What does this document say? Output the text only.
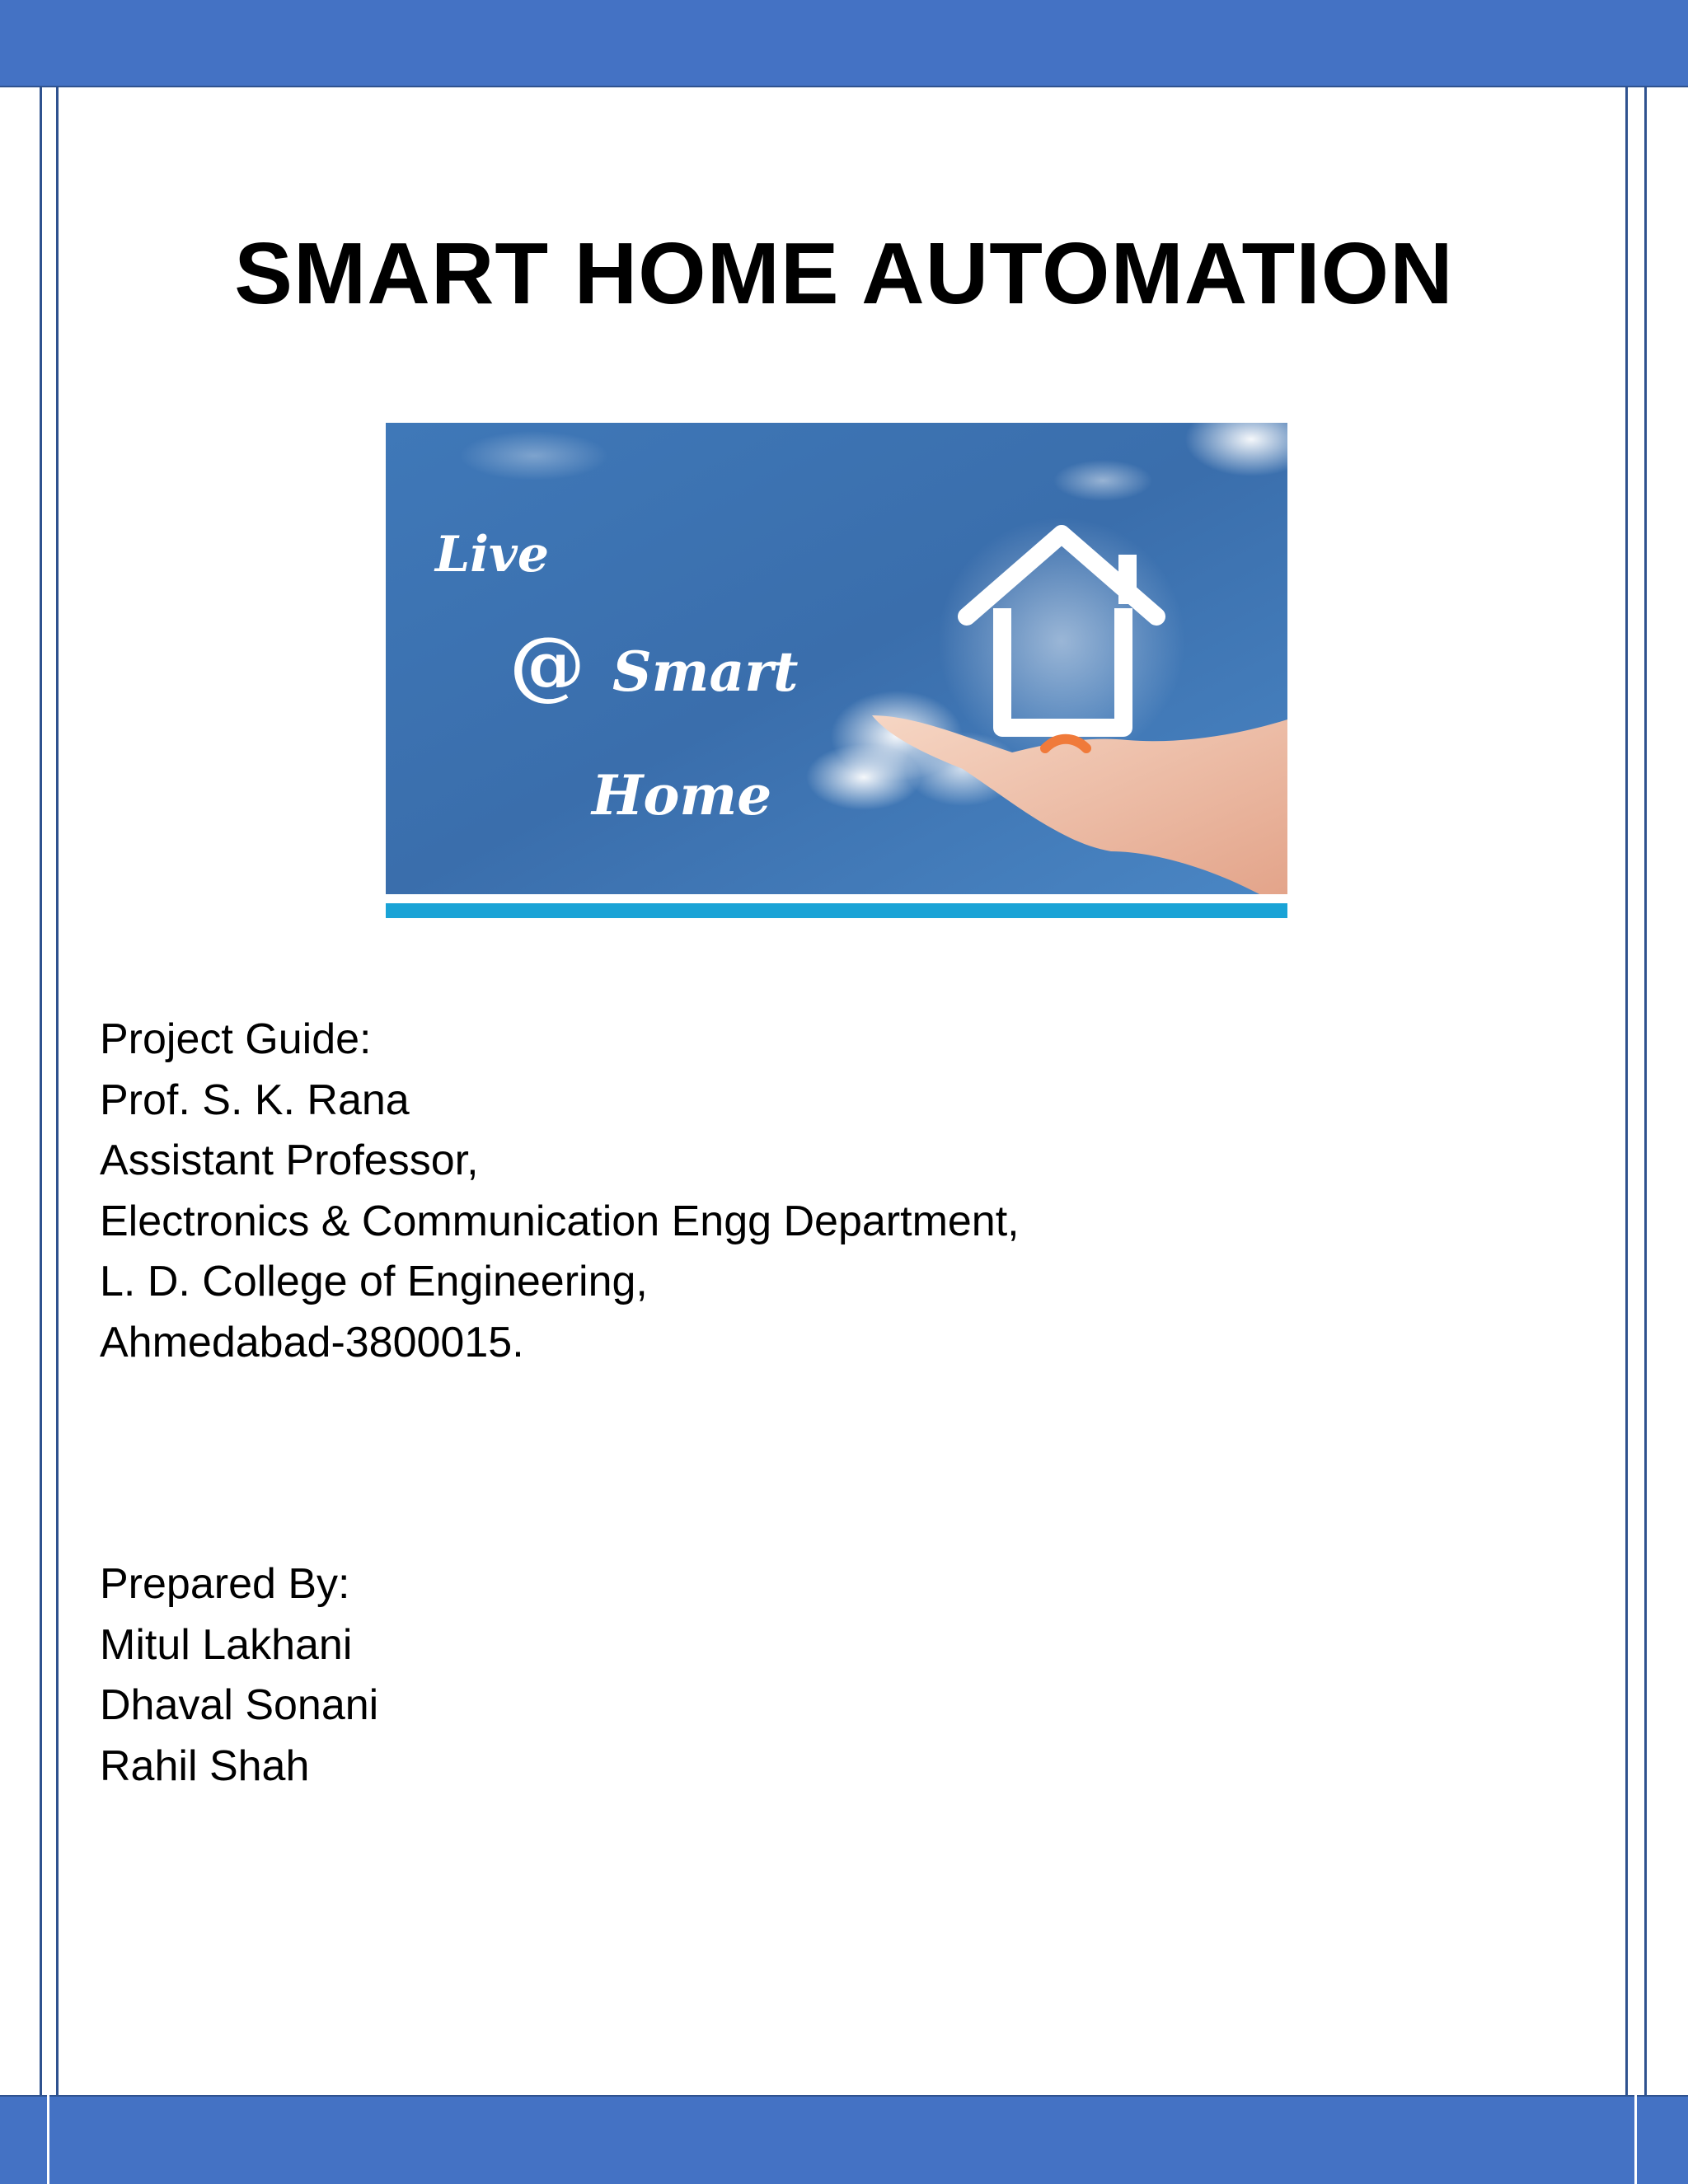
SMART HOME AUTOMATION
Live
@ Smart
Home
Project Guide:
Prof. S. K. Rana
Assistant Professor,
Electronics & Communication Engg Department,
L. D. College of Engineering,
Ahmedabad-3800015.
Prepared By:
Mitul Lakhani
Dhaval Sonani
Rahil Shah
